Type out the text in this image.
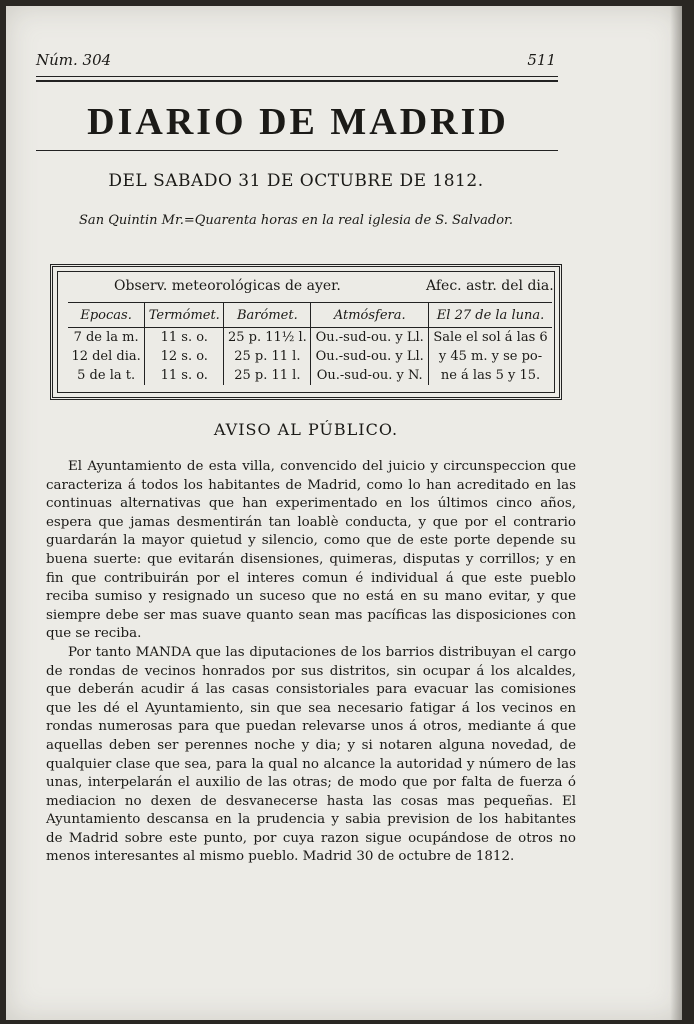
Núm. 304	511
DIARIO DE MADRID
DEL SABADO 31 DE OCTUBRE DE 1812.
San Quintin Mr.=Quarenta horas en la real iglesia de S. Salvador.
Observ. meteorológicas de ayer.	Afec. astr. del dia.
Epocas.	Termómet.	Barómet.	Atmósfera.	El 27 de la luna.
7 de la m.	11 s. o.	25 p. 11½ l.	Ou.-sud-ou. y Ll.	Sale el sol á las 6
12 del dia.	12 s. o.	25 p. 11 l.	Ou.-sud-ou. y Ll.	y 45 m. y se po-
5 de la t.	11 s. o.	25 p. 11 l.	Ou.-sud-ou. y N.	ne á las 5 y 15.
AVISO AL PÚBLICO.

El Ayuntamiento de esta villa, convencido del juicio y circunspeccion que caracteriza á todos los habitantes de Madrid, como lo han acreditado en las continuas alternativas que han experimentado en los últimos cinco años, espera que jamas desmentirán tan loablè conducta, y que por el contrario guardarán la mayor quietud y silencio, como que de este porte depende su buena suerte: que evitarán disensiones, quimeras, disputas y corrillos; y en fin que contribuirán por el interes comun é individual á que este pueblo reciba sumiso y resignado un suceso que no está en su mano evitar, y que siempre debe ser mas suave quanto sean mas pacíficas las disposiciones con que se reciba.

Por tanto MANDA que las diputaciones de los barrios distribuyan el cargo de rondas de vecinos honrados por sus distritos, sin ocupar á los alcaldes, que deberán acudir á las casas consistoriales para evacuar las comisiones que les dé el Ayuntamiento, sin que sea necesario fatigar á los vecinos en rondas numerosas para que puedan relevarse unos á otros, mediante á que aquellas deben ser perennes noche y dia; y si notaren alguna novedad, de qualquier clase que sea, para la qual no alcance la autoridad y número de las unas, interpelarán el auxilio de las otras; de modo que por falta de fuerza ó mediacion no dexen de desvanecerse hasta las cosas mas pequeñas. El Ayuntamiento descansa en la prudencia y sabia prevision de los habitantes de Madrid sobre este punto, por cuya razon sigue ocupándose de otros no menos interesantes al mismo pueblo. Madrid 30 de octubre de 1812.
